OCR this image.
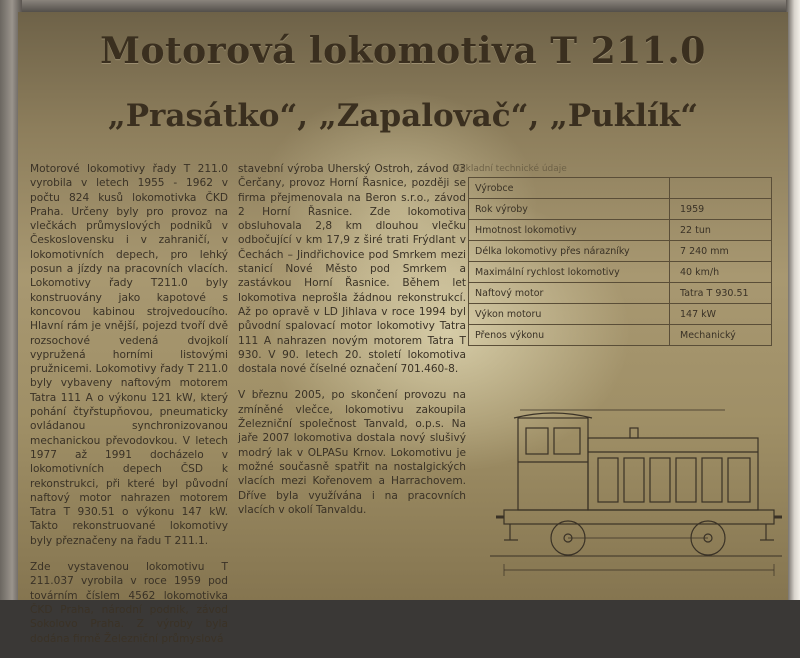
Motorová lokomotiva T 211.0
„Prasátko“, „Zapalovač“, „Puklík“

Motorové lokomotivy řady T 211.0 vyrobila v letech 1955 - 1962 v počtu 824 kusů lokomotivka ČKD Praha. Určeny byly pro provoz na vlečkách průmyslových podniků v Československu i v zahraničí, v lokomotivních depech, pro lehký posun a jízdy na pracovních vlacích. Lokomotivy řady T211.0 byly konstruovány jako kapotové s koncovou kabinou strojvedoucího. Hlavní rám je vnější, pojezd tvoří dvě rozsochové vedená dvojkolí vypružená horními listovými pružnicemi. Lokomotivy řady T 211.0 byly vybaveny naftovým motorem Tatra 111 A o výkonu 121 kW, který pohání čtyřstupňovou, pneumaticky ovládanou synchronizovanou mechanickou převodovkou. V letech 1977 až 1991 docházelo v lokomotivních depech ČSD k rekonstrukci, při které byl původní naftový motor nahrazen motorem Tatra T 930.51 o výkonu 147 kW. Takto rekonstruované lokomotivy byly přeznačeny na řadu T 211.1.

Zde vystavenou lokomotivu T 211.037 vyrobila v roce 1959 pod továrním číslem 4562 lokomotivka ČKD Praha, národní podnik, závod Sokolovo Praha. Z výroby byla dodána firmě Železniční průmyslová

stavební výroba Uherský Ostroh, závod 03 Čerčany, provoz Horní Řasnice, později se firma přejmenovala na Beron s.r.o., závod 2 Horní Řasnice. Zde lokomotiva obsluhovala 2,8 km dlouhou vlečku odbočující v km 17,9 z širé trati Frýdlant v Čechách – Jindřichovice pod Smrkem mezi stanicí Nové Město pod Smrkem a zastávkou Horní Řasnice. Během let lokomotiva neprošla žádnou rekonstrukcí. Až po opravě v LD Jihlava v roce 1994 byl původní spalovací motor lokomotivy Tatra 111 A nahrazen novým motorem Tatra T 930. V 90. letech 20. století lokomotiva dostala nové číselné označení 701.460-8.

V březnu 2005, po skončení provozu na zmíněné vlečce, lokomotivu zakoupila Železniční společnost Tanvald, o.p.s. Na jaře 2007 lokomotiva dostala nový slušivý modrý lak v OLPASu Krnov. Lokomotivu je možné současně spatřit na nostalgických vlacích mezi Kořenovem a Harrachovem. Dříve byla využívána i na pracovních vlacích v okolí Tanvaldu.

Základní technické údaje
Výrobce	
Rok výroby	1959
Hmotnost lokomotivy	22 tun
Délka lokomotivy přes nárazníky	7 240 mm
Maximální rychlost lokomotivy	40 km/h
Naftový motor	Tatra T 930.51
Výkon motoru	147 kW
Přenos výkonu	Mechanický
